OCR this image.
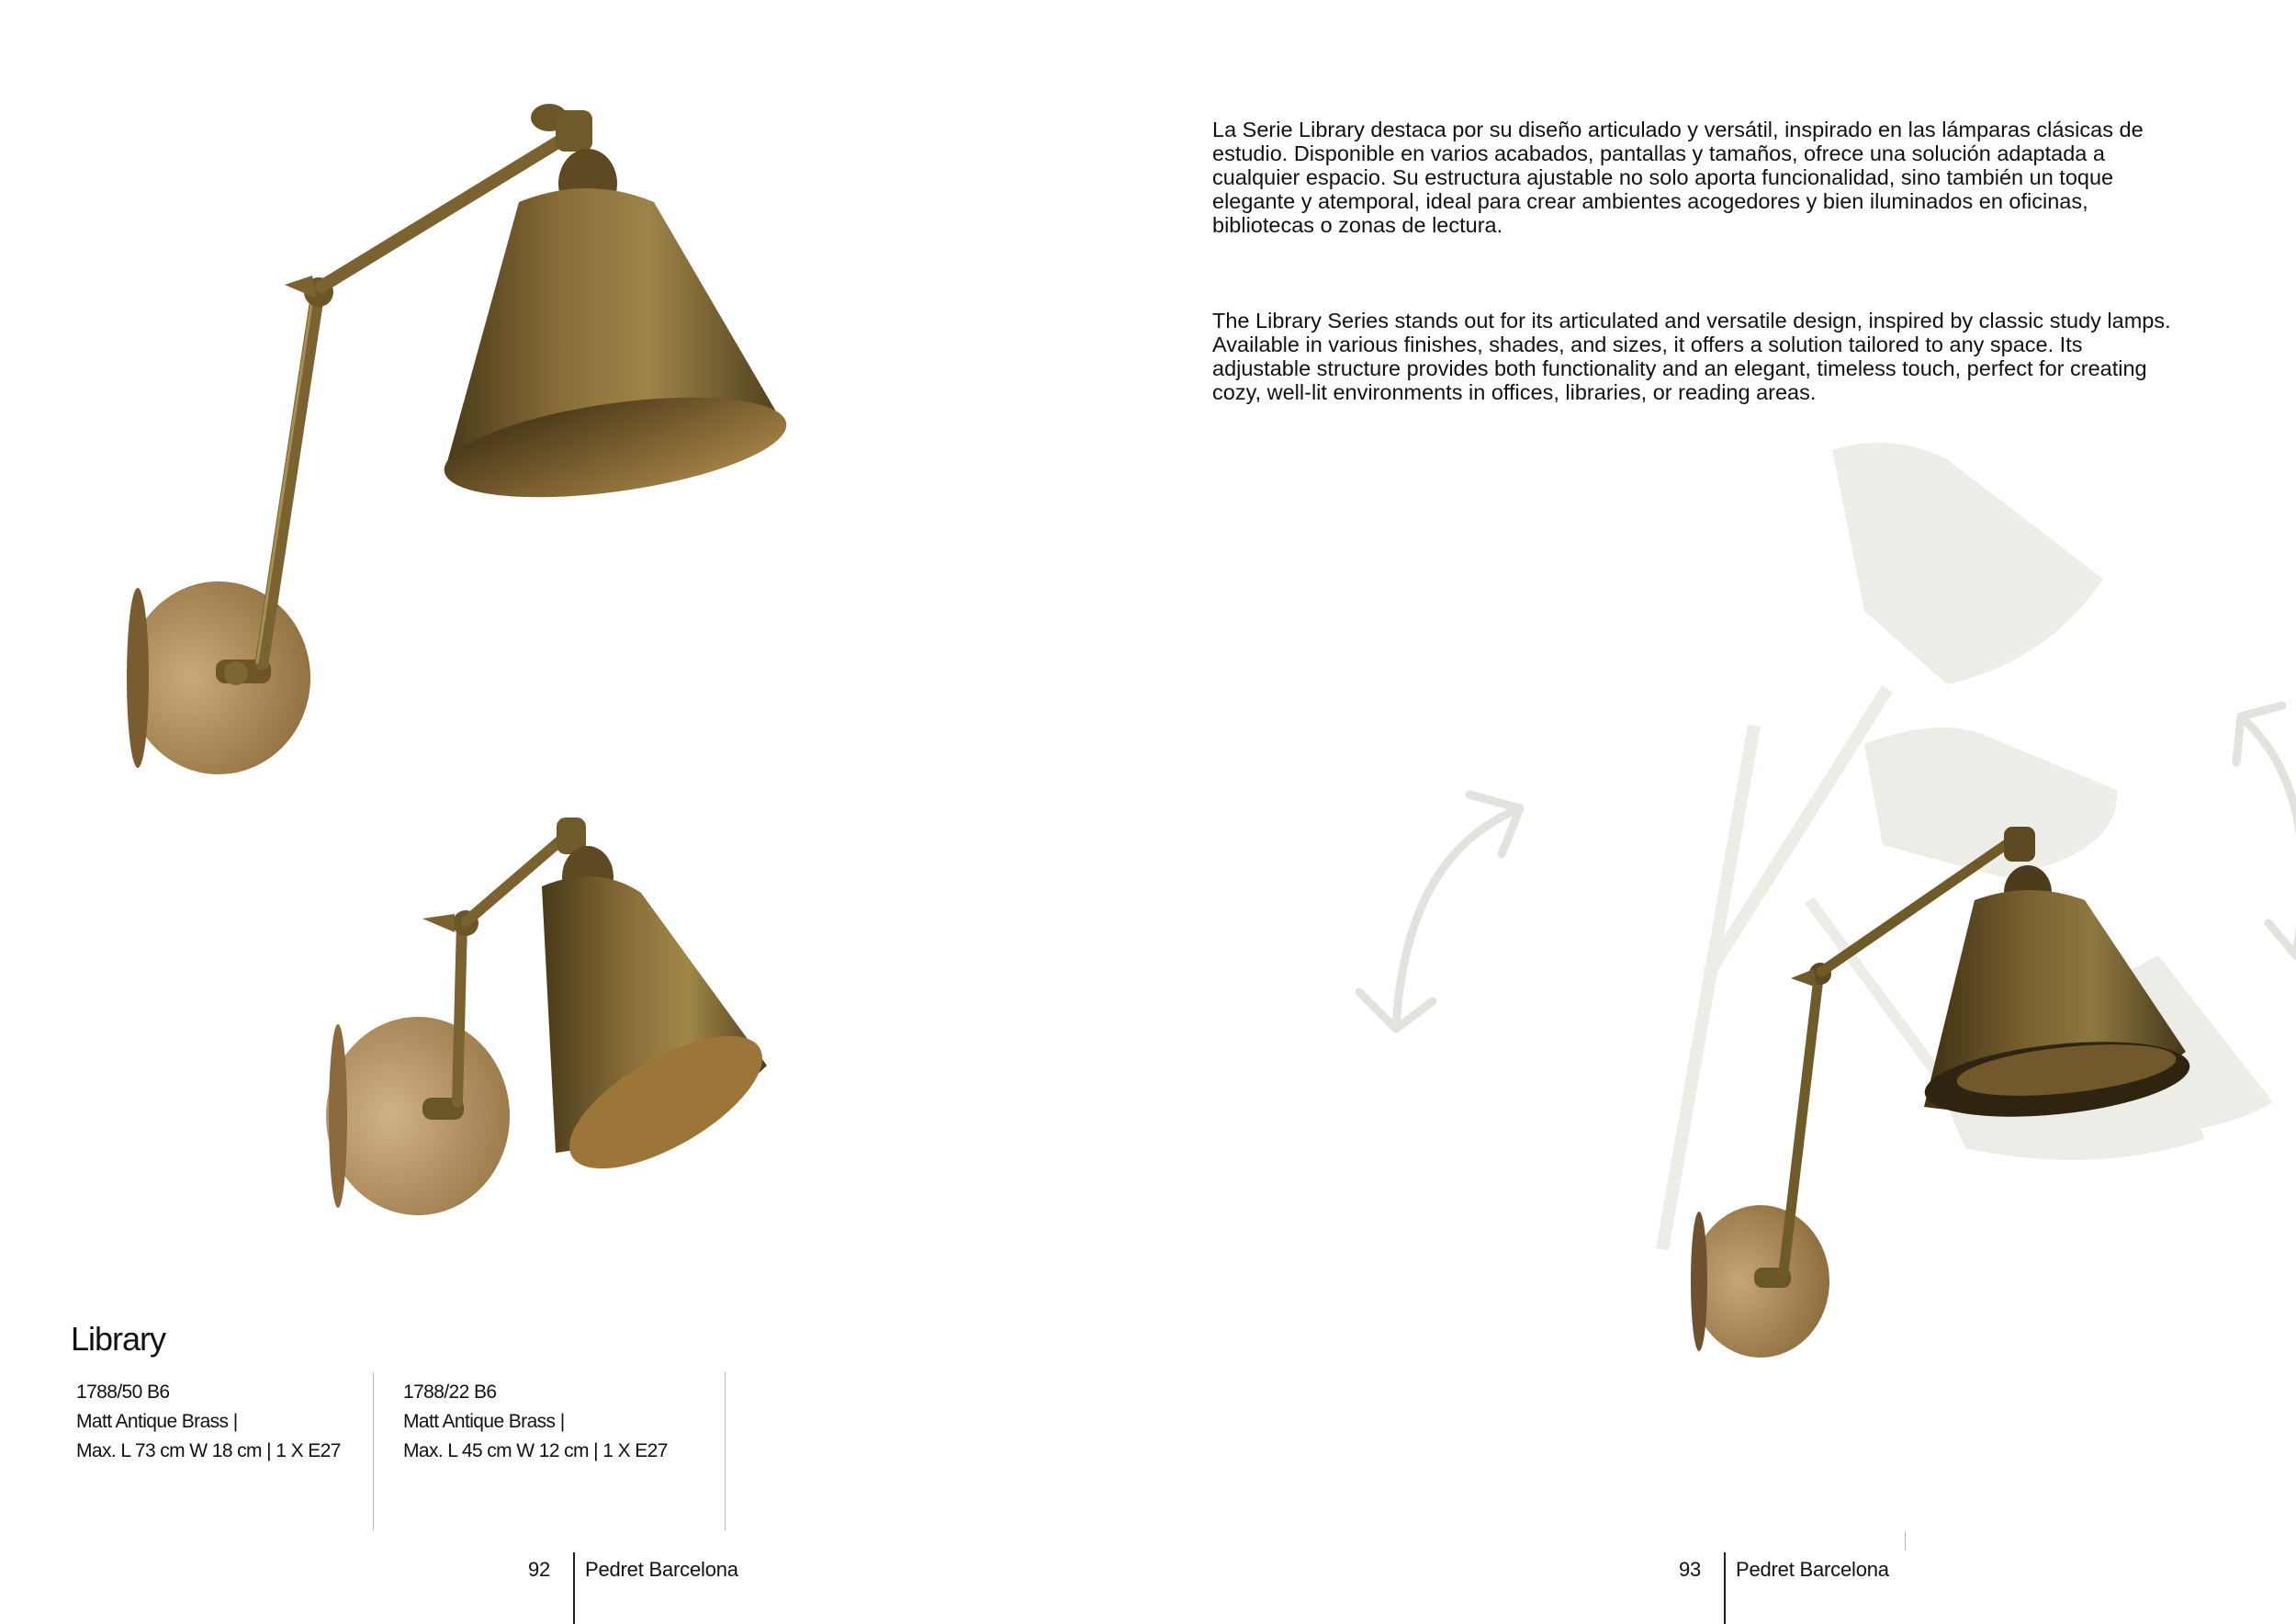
Library
1788/50 B6
Matt Antique Brass |
Max. L 73 cm W 18 cm | 1 X E27
1788/22 B6
Matt Antique Brass |
Max. L 45 cm W 12 cm | 1 X E27
92 Pedret Barcelona

La Serie Library destaca por su diseño articulado y versátil, inspirado en las lámparas clásicas de estudio. Disponible en varios acabados, pantallas y tamaños, ofrece una solución adaptada a cualquier espacio. Su estructura ajustable no solo aporta funcionalidad, sino también un toque elegante y atemporal, ideal para crear ambientes acogedores y bien iluminados en oficinas, bibliotecas o zonas de lectura.

The Library Series stands out for its articulated and versatile design, inspired by classic study lamps. Available in various finishes, shades, and sizes, it offers a solution tailored to any space. Its adjustable structure provides both functionality and an elegant, timeless touch, perfect for creating cozy, well-lit environments in offices, libraries, or reading areas.

93 Pedret Barcelona
